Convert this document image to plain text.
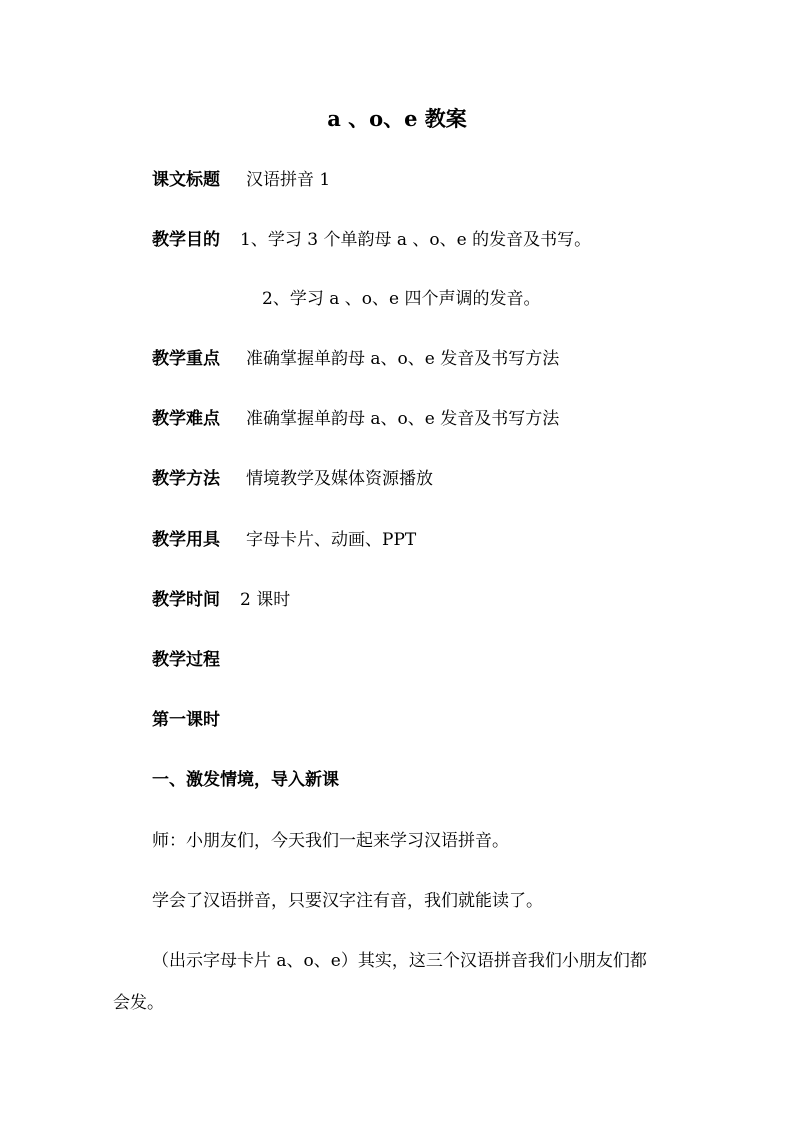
a 、o、e 教案
课文标题 汉语拼音 1
教学目的 1、学习 3 个单韵母 a 、o、e 的发音及书写。
2、学习 a 、o、e 四个声调的发音。
教学重点 准确掌握单韵母 a、o、e 发音及书写方法
教学难点 准确掌握单韵母 a、o、e 发音及书写方法
教学方法 情境教学及媒体资源播放
教学用具 字母卡片、动画、PPT
教学时间 2 课时
教学过程
第一课时
一、激发情境，导入新课
师：小朋友们，今天我们一起来学习汉语拼音。
学会了汉语拼音，只要汉字注有音，我们就能读了。
（出示字母卡片 a、o、e）其实，这三个汉语拼音我们小朋友们都
会发。
